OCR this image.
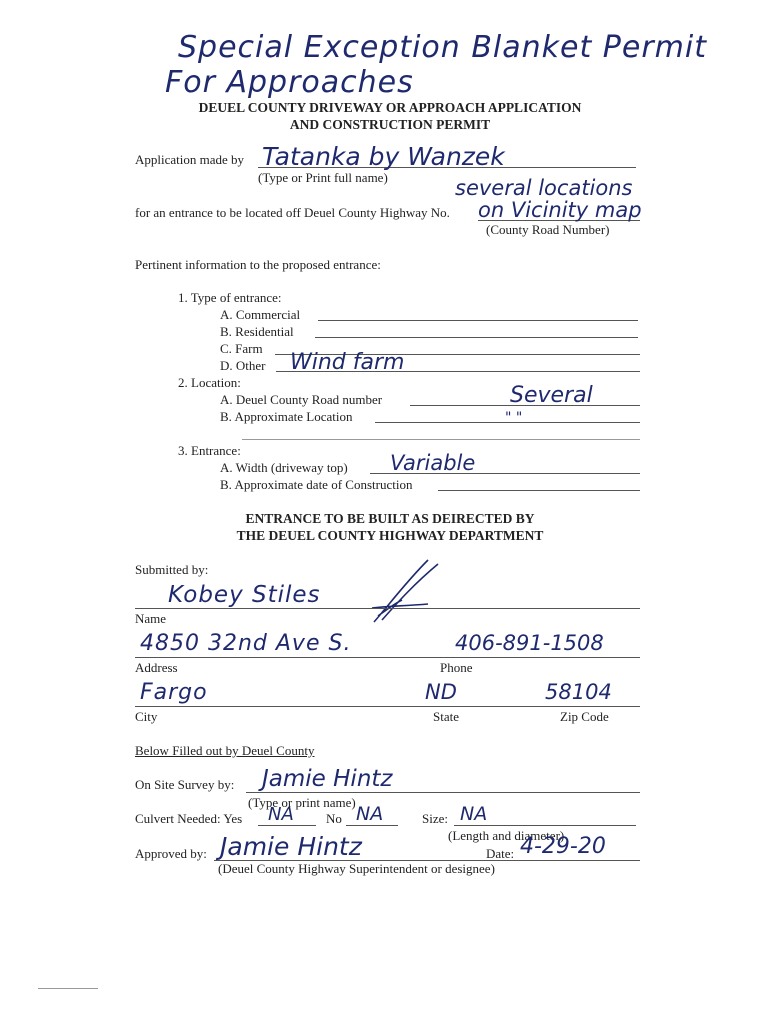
Special Exception Blanket Permit
For Approaches
DEUEL COUNTY DRIVEWAY OR APPROACH APPLICATION
AND CONSTRUCTION PERMIT
Application made by Tatanka by Wanzek
(Type or Print full name)	several locations
for an entrance to be located off Deuel County Highway No. on Vicinity map
(County Road Number)
Pertinent information to the proposed entrance:
1. Type of entrance:
A. Commercial
B. Residential
C. Farm
D. Other Wind farm
2. Location:
A. Deuel County Road number	Several
B. Approximate Location	" "
3. Entrance:
A. Width (driveway top) Variable
B. Approximate date of Construction
ENTRANCE TO BE BUILT AS DEIRECTED BY
THE DEUEL COUNTY HIGHWAY DEPARTMENT
Submitted by:
Kobey Stiles
Name
4850 32nd Ave S.	406-891-1508
Address	Phone
Fargo	ND	58104
City	State	Zip Code
Below Filled out by Deuel County
On Site Survey by: Jamie Hintz
(Type or print name)
Culvert Needed: Yes NA No NA	Size: NA
(Length and diameter)
Approved by: Jamie Hintz	Date: 4-29-20
(Deuel County Highway Superintendent or designee)
